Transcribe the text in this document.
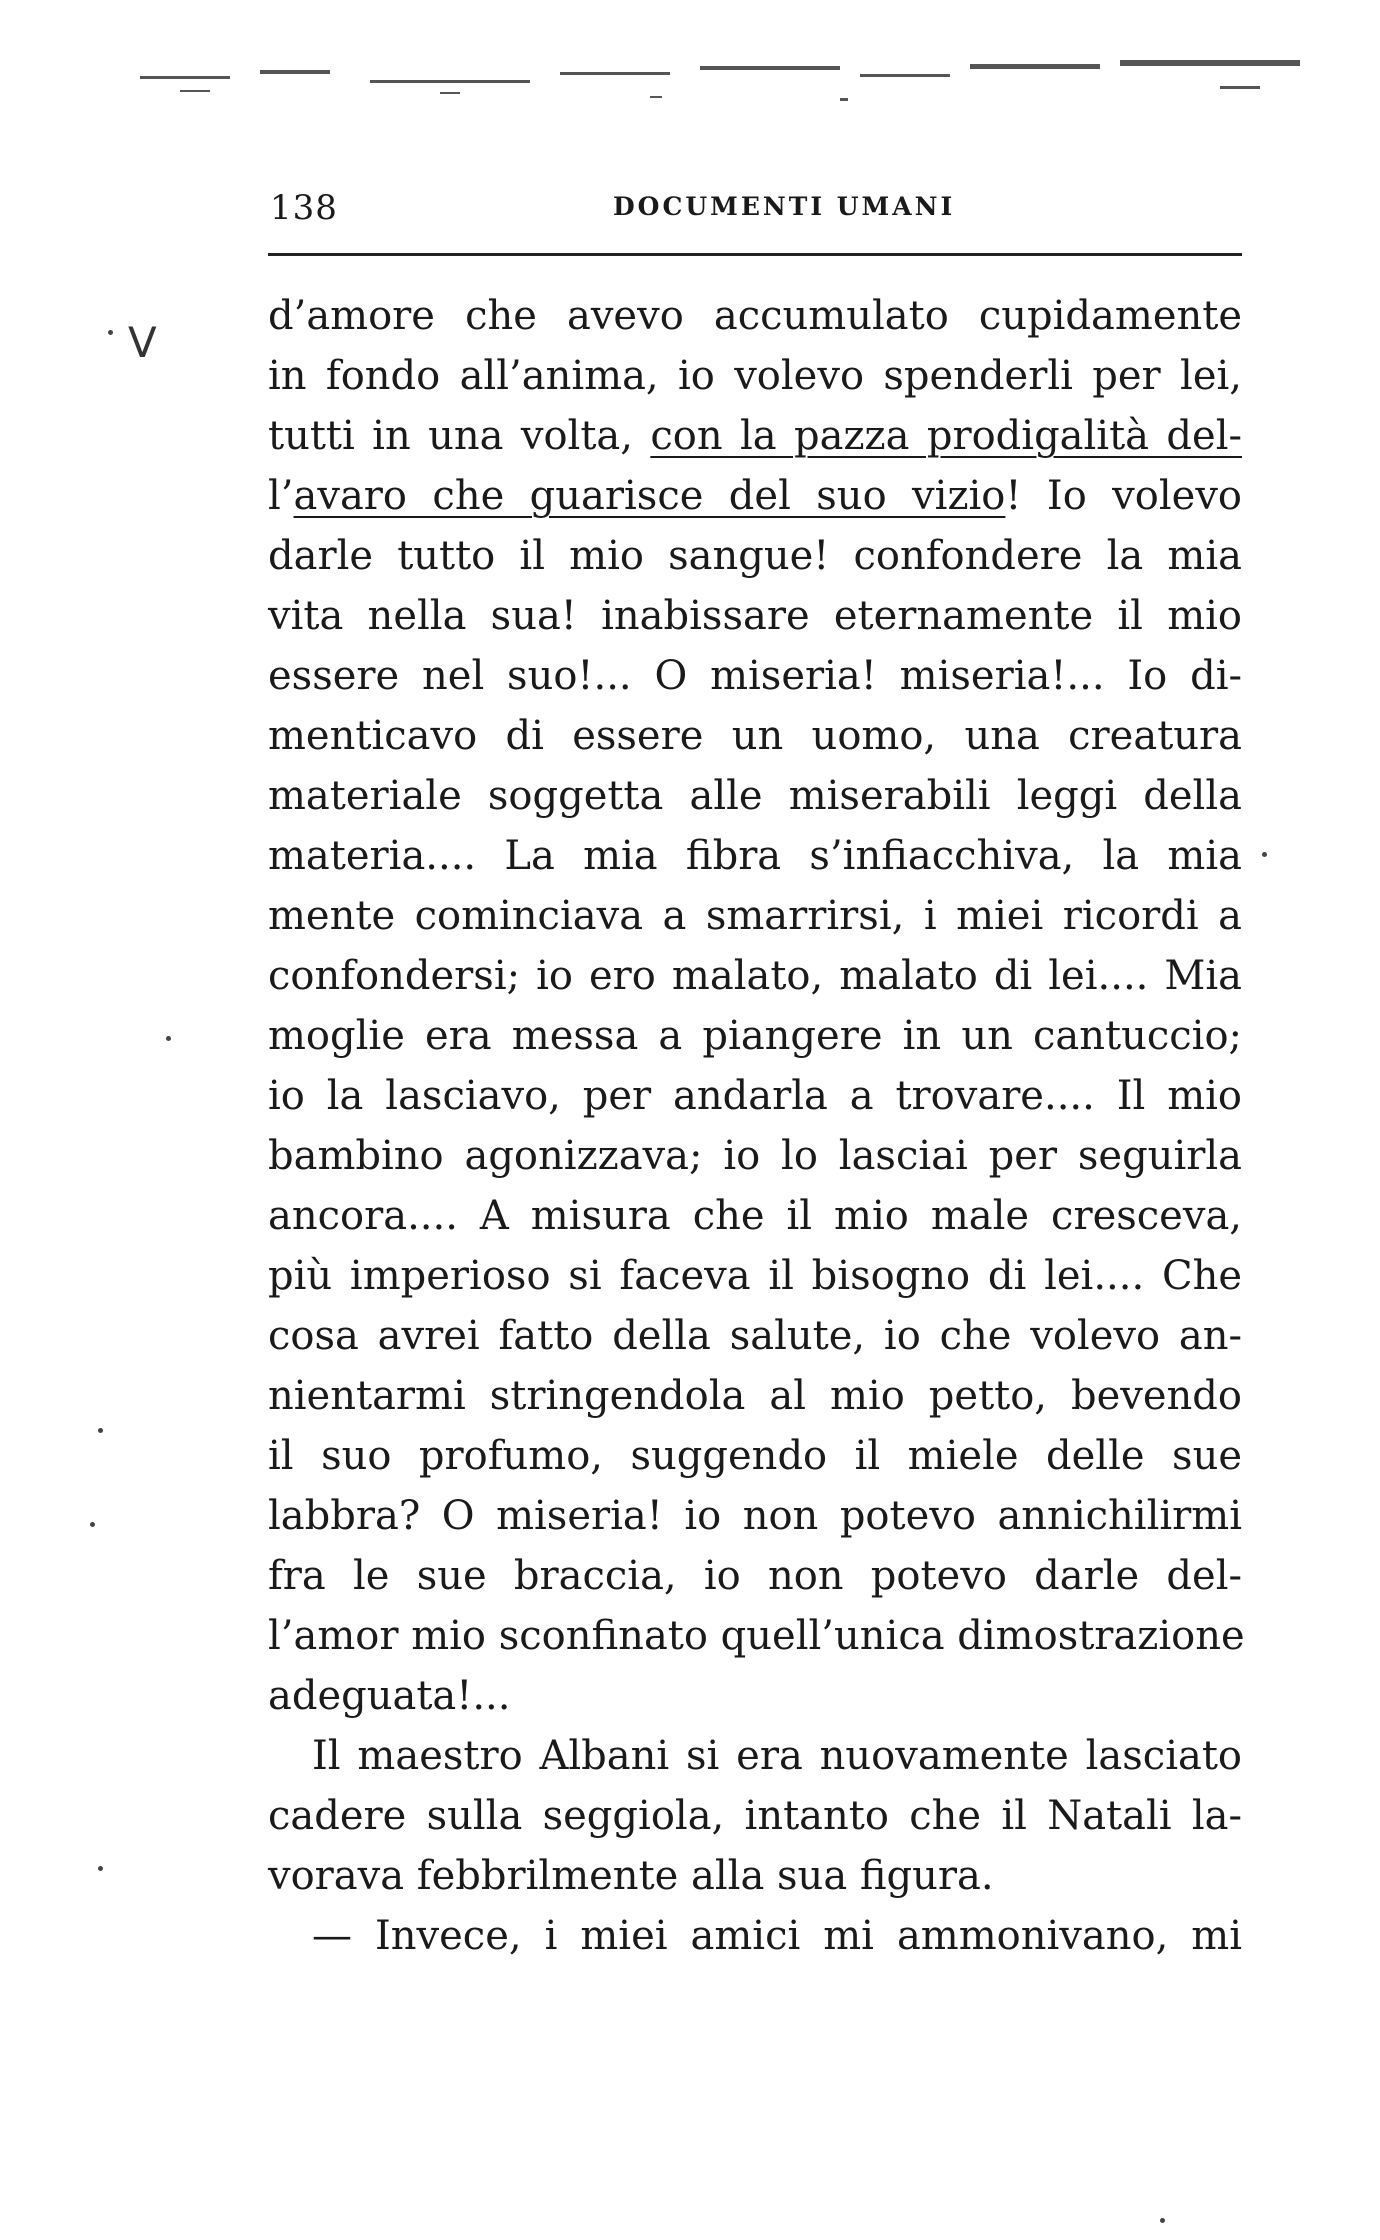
138	DOCUMENTI UMANI
V
d’amore che avevo accumulato cupidamente
in fondo all’anima, io volevo spenderli per lei,
tutti in una volta, con la pazza prodigalità del-
l’avaro che guarisce del suo vizio! Io volevo
darle tutto il mio sangue! confondere la mia
vita nella sua! inabissare eternamente il mio
essere nel suo!... O miseria! miseria!... Io di-
menticavo di essere un uomo, una creatura
materiale soggetta alle miserabili leggi della
materia.... La mia fibra s’infiacchiva, la mia
mente cominciava a smarrirsi, i miei ricordi a
confondersi; io ero malato, malato di lei.... Mia
moglie era messa a piangere in un cantuccio;
io la lasciavo, per andarla a trovare.... Il mio
bambino agonizzava; io lo lasciai per seguirla
ancora.... A misura che il mio male cresceva,
più imperioso si faceva il bisogno di lei.... Che
cosa avrei fatto della salute, io che volevo an-
nientarmi stringendola al mio petto, bevendo
il suo profumo, suggendo il miele delle sue
labbra? O miseria! io non potevo annichilirmi
fra le sue braccia, io non potevo darle del-
l’amor mio sconfinato quell’unica dimostrazione
adeguata!...
Il maestro Albani si era nuovamente lasciato
cadere sulla seggiola, intanto che il Natali la-
vorava febbrilmente alla sua figura.
— Invece, i miei amici mi ammonivano, mi
